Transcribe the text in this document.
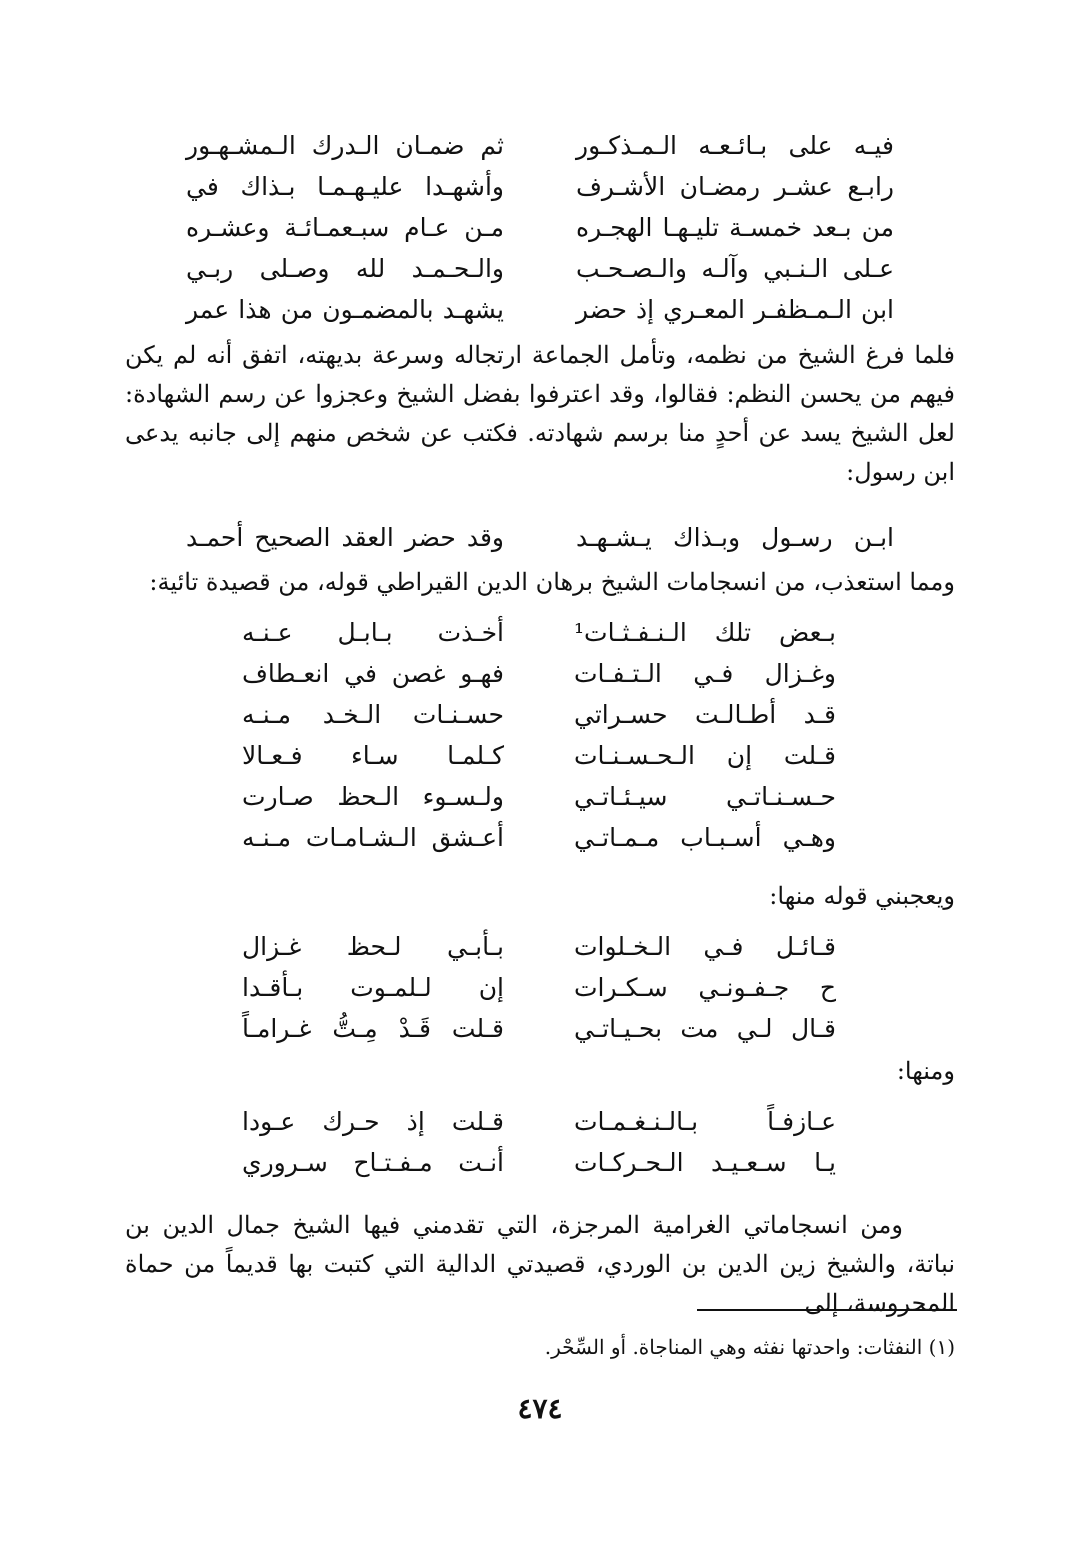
ثم ضمـان الـدرك الـمشـهـور	فيـه على بـائـعـه الـمـذكـور
وأشهـدا عليـهـمـا بـذاك في	رابـع عشـر رمضـان الأشـرف
مـن عـام سبـعمـائـة وعشـره	من بـعد خمسـة تليـهـا الهجـره
والـحـمـد لله وصـلى ربـي	عـلى الـنـبي وآلـه والـصـحـب
يشهـد بالمضمـون من هذا عمر	ابن الـمـظفـر المعـري إذ حضر

فلما فرغ الشيخ من نظمه، وتأمل الجماعة ارتجاله وسرعة بديهته، اتفق أنه لم يكن فيهم من يحسن النظم: فقالوا، وقد اعترفوا بفضل الشيخ وعجزوا عن رسم الشهادة: لعل الشيخ يسد عن أحدٍ منا برسم شهادته. فكتب عن شخص منهم إلى جانبه يدعى ابن رسول:

وقد حضر العقد الصحيح أحمـد	ابـن رسـول وبـذاك يـشـهـد

ومما استعذب، من انسجامات الشيخ برهان الدين القيراطي قوله، من قصيدة تائية:

أخـذت بـابـل عـنـه	بـعض تلك الـنـفـثـات¹
فهـو غصن في انعـطاف	وغـزال فـي الـتـفـات
حسـنـات الـخـد مـنـه	قـد أطـالـت حسـراتي
كـلمـا سـاء فـعـالا	قـلت إن الـحـسـنـات
ولـسـوء الـحظ صـارت	حـسـنـاتـي سيـئـاتـي
أعـشق الـشـامـات مـنـه	وهـي أسـبـاب مـمـاتـي
ويعجبني قوله منها:
بـأبـي لـحظ غـزال	قـائـل فـي الـخـلوات
إن لـلمـوت بـأقـدا	ح جـفـونـي سـكـرات
قـلت قَـدْ مِـتُّ غـرامـاً	قـال لـي مت بحـيـاتـي
ومنها:
قـلت إذ حـرك عـودا	عـازفـاً بـالـنـغـمـات
أنـت مـفـتـاح سـروري	يـا سـعـيـد الـحـركـات

ومن انسجاماتي الغرامية المرجزة، التي تقدمني فيها الشيخ جمال الدين بن نباتة، والشيخ زين الدين بن الوردي، قصيدتي الدالية التي كتبت بها قديماً من حماة المحروسة، إلى

(١) النفثات: واحدتها نفثه وهي المناجاة. أو السِّحْر.
٤٧٤
